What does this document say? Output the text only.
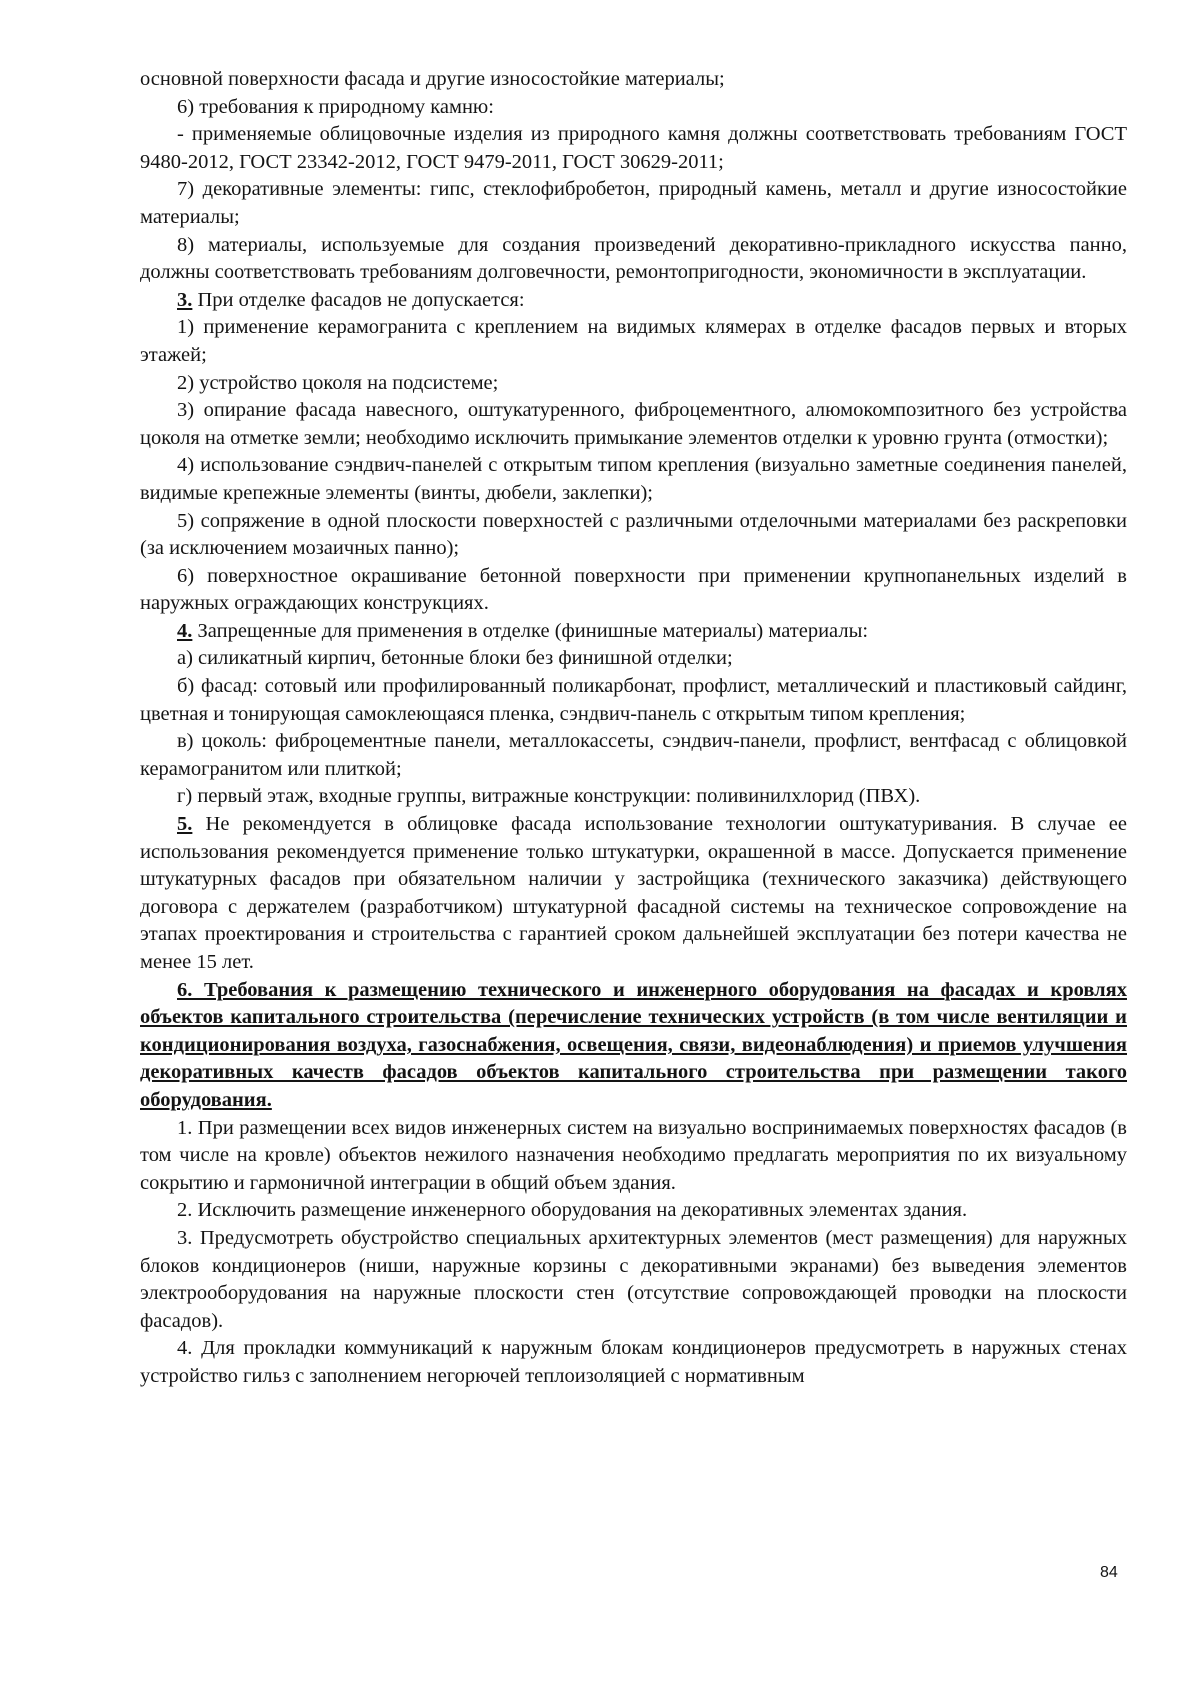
основной поверхности фасада и другие износостойкие материалы;

6) требования к природному камню:

- применяемые облицовочные изделия из природного камня должны соответствовать требованиям ГОСТ 9480-2012, ГОСТ 23342-2012, ГОСТ 9479-2011, ГОСТ 30629-2011;

7) декоративные элементы: гипс, стеклофибробетон, природный камень, металл и другие износостойкие материалы;

8) материалы, используемые для создания произведений декоративно-прикладного искусства панно, должны соответствовать требованиям долговечности, ремонтопригодности, экономичности в эксплуатации.

3. При отделке фасадов не допускается:

1) применение керамогранита с креплением на видимых клямерах в отделке фасадов первых и вторых этажей;

2) устройство цоколя на подсистеме;

3) опирание фасада навесного, оштукатуренного, фиброцементного, алюмокомпозитного без устройства цоколя на отметке земли; необходимо исключить примыкание элементов отделки к уровню грунта (отмостки);

4) использование сэндвич-панелей с открытым типом крепления (визуально заметные соединения панелей, видимые крепежные элементы (винты, дюбели, заклепки);

5) сопряжение в одной плоскости поверхностей с различными отделочными материалами без раскреповки (за исключением мозаичных панно);

6) поверхностное окрашивание бетонной поверхности при применении крупнопанельных изделий в наружных ограждающих конструкциях.

4. Запрещенные для применения в отделке (финишные материалы) материалы:

а) силикатный кирпич, бетонные блоки без финишной отделки;

б) фасад: сотовый или профилированный поликарбонат, профлист, металлический и пластиковый сайдинг, цветная и тонирующая самоклеющаяся пленка, сэндвич-панель с открытым типом крепления;

в) цоколь: фиброцементные панели, металлокассеты, сэндвич-панели, профлист, вентфасад с облицовкой керамогранитом или плиткой;

г) первый этаж, входные группы, витражные конструкции: поливинилхлорид (ПВХ).

5. Не рекомендуется в облицовке фасада использование технологии оштукатуривания. В случае ее использования рекомендуется применение только штукатурки, окрашенной в массе. Допускается применение штукатурных фасадов при обязательном наличии у застройщика (технического заказчика) действующего договора с держателем (разработчиком) штукатурной фасадной системы на техническое сопровождение на этапах проектирования и строительства с гарантией сроком дальнейшей эксплуатации без потери качества не менее 15 лет.

6. Требования к размещению технического и инженерного оборудования на фасадах и кровлях объектов капитального строительства (перечисление технических устройств (в том числе вентиляции и кондиционирования воздуха, газоснабжения, освещения, связи, видеонаблюдения) и приемов улучшения декоративных качеств фасадов объектов капитального строительства при размещении такого оборудования.

1. При размещении всех видов инженерных систем на визуально воспринимаемых поверхностях фасадов (в том числе на кровле) объектов нежилого назначения необходимо предлагать мероприятия по их визуальному сокрытию и гармоничной интеграции в общий объем здания.

2. Исключить размещение инженерного оборудования на декоративных элементах здания.

3. Предусмотреть обустройство специальных архитектурных элементов (мест размещения) для наружных блоков кондиционеров (ниши, наружные корзины с декоративными экранами) без выведения элементов электрооборудования на наружные плоскости стен (отсутствие сопровождающей проводки на плоскости фасадов).

4. Для прокладки коммуникаций к наружным блокам кондиционеров предусмотреть в наружных стенах устройство гильз с заполнением негорючей теплоизоляцией с нормативным

84
